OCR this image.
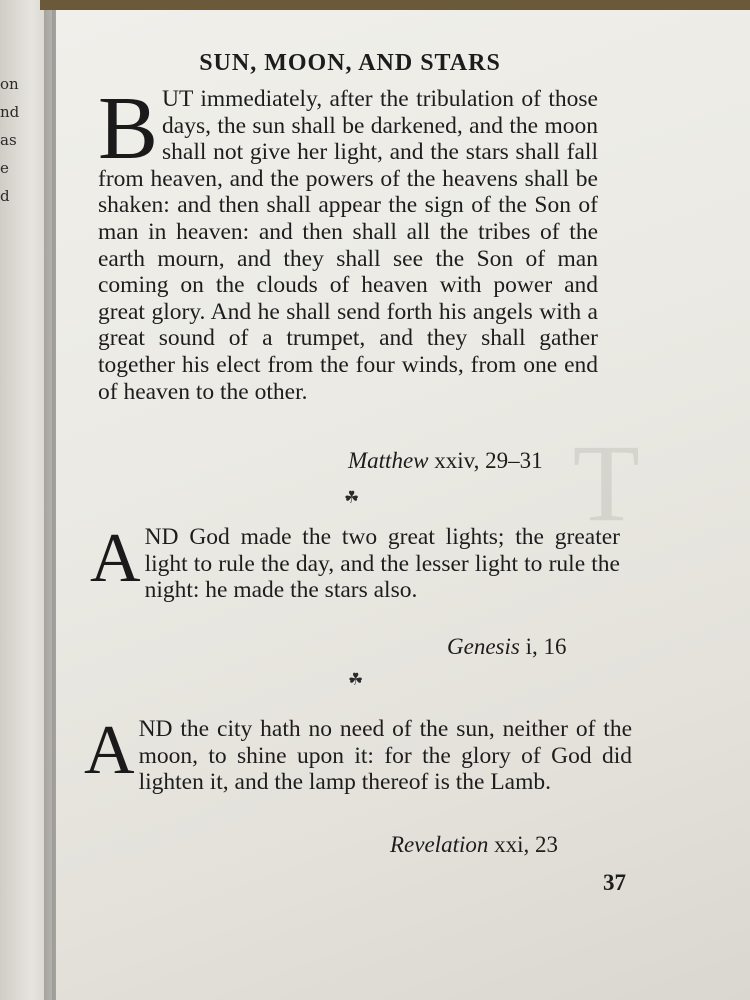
on
nd
as
e
d
T
SUN, MOON, AND STARS
BUT immediately, after the tribulation of those days, the sun shall be darkened, and the moon shall not give her light, and the stars shall fall from heaven, and the powers of the heavens shall be shaken: and then shall appear the sign of the Son of man in heaven: and then shall all the tribes of the earth mourn, and they shall see the Son of man coming on the clouds of heaven with power and great glory. And he shall send forth his angels with a great sound of a trumpet, and they shall gather together his elect from the four winds, from one end of heaven to the other.
Matthew xxiv, 29–31
☘
AND God made the two great lights; the greater light to rule the day, and the lesser light to rule the night: he made the stars also.
Genesis i, 16
☘
AND the city hath no need of the sun, neither of the moon, to shine upon it: for the glory of God did lighten it, and the lamp thereof is the Lamb.
Revelation xxi, 23
37
